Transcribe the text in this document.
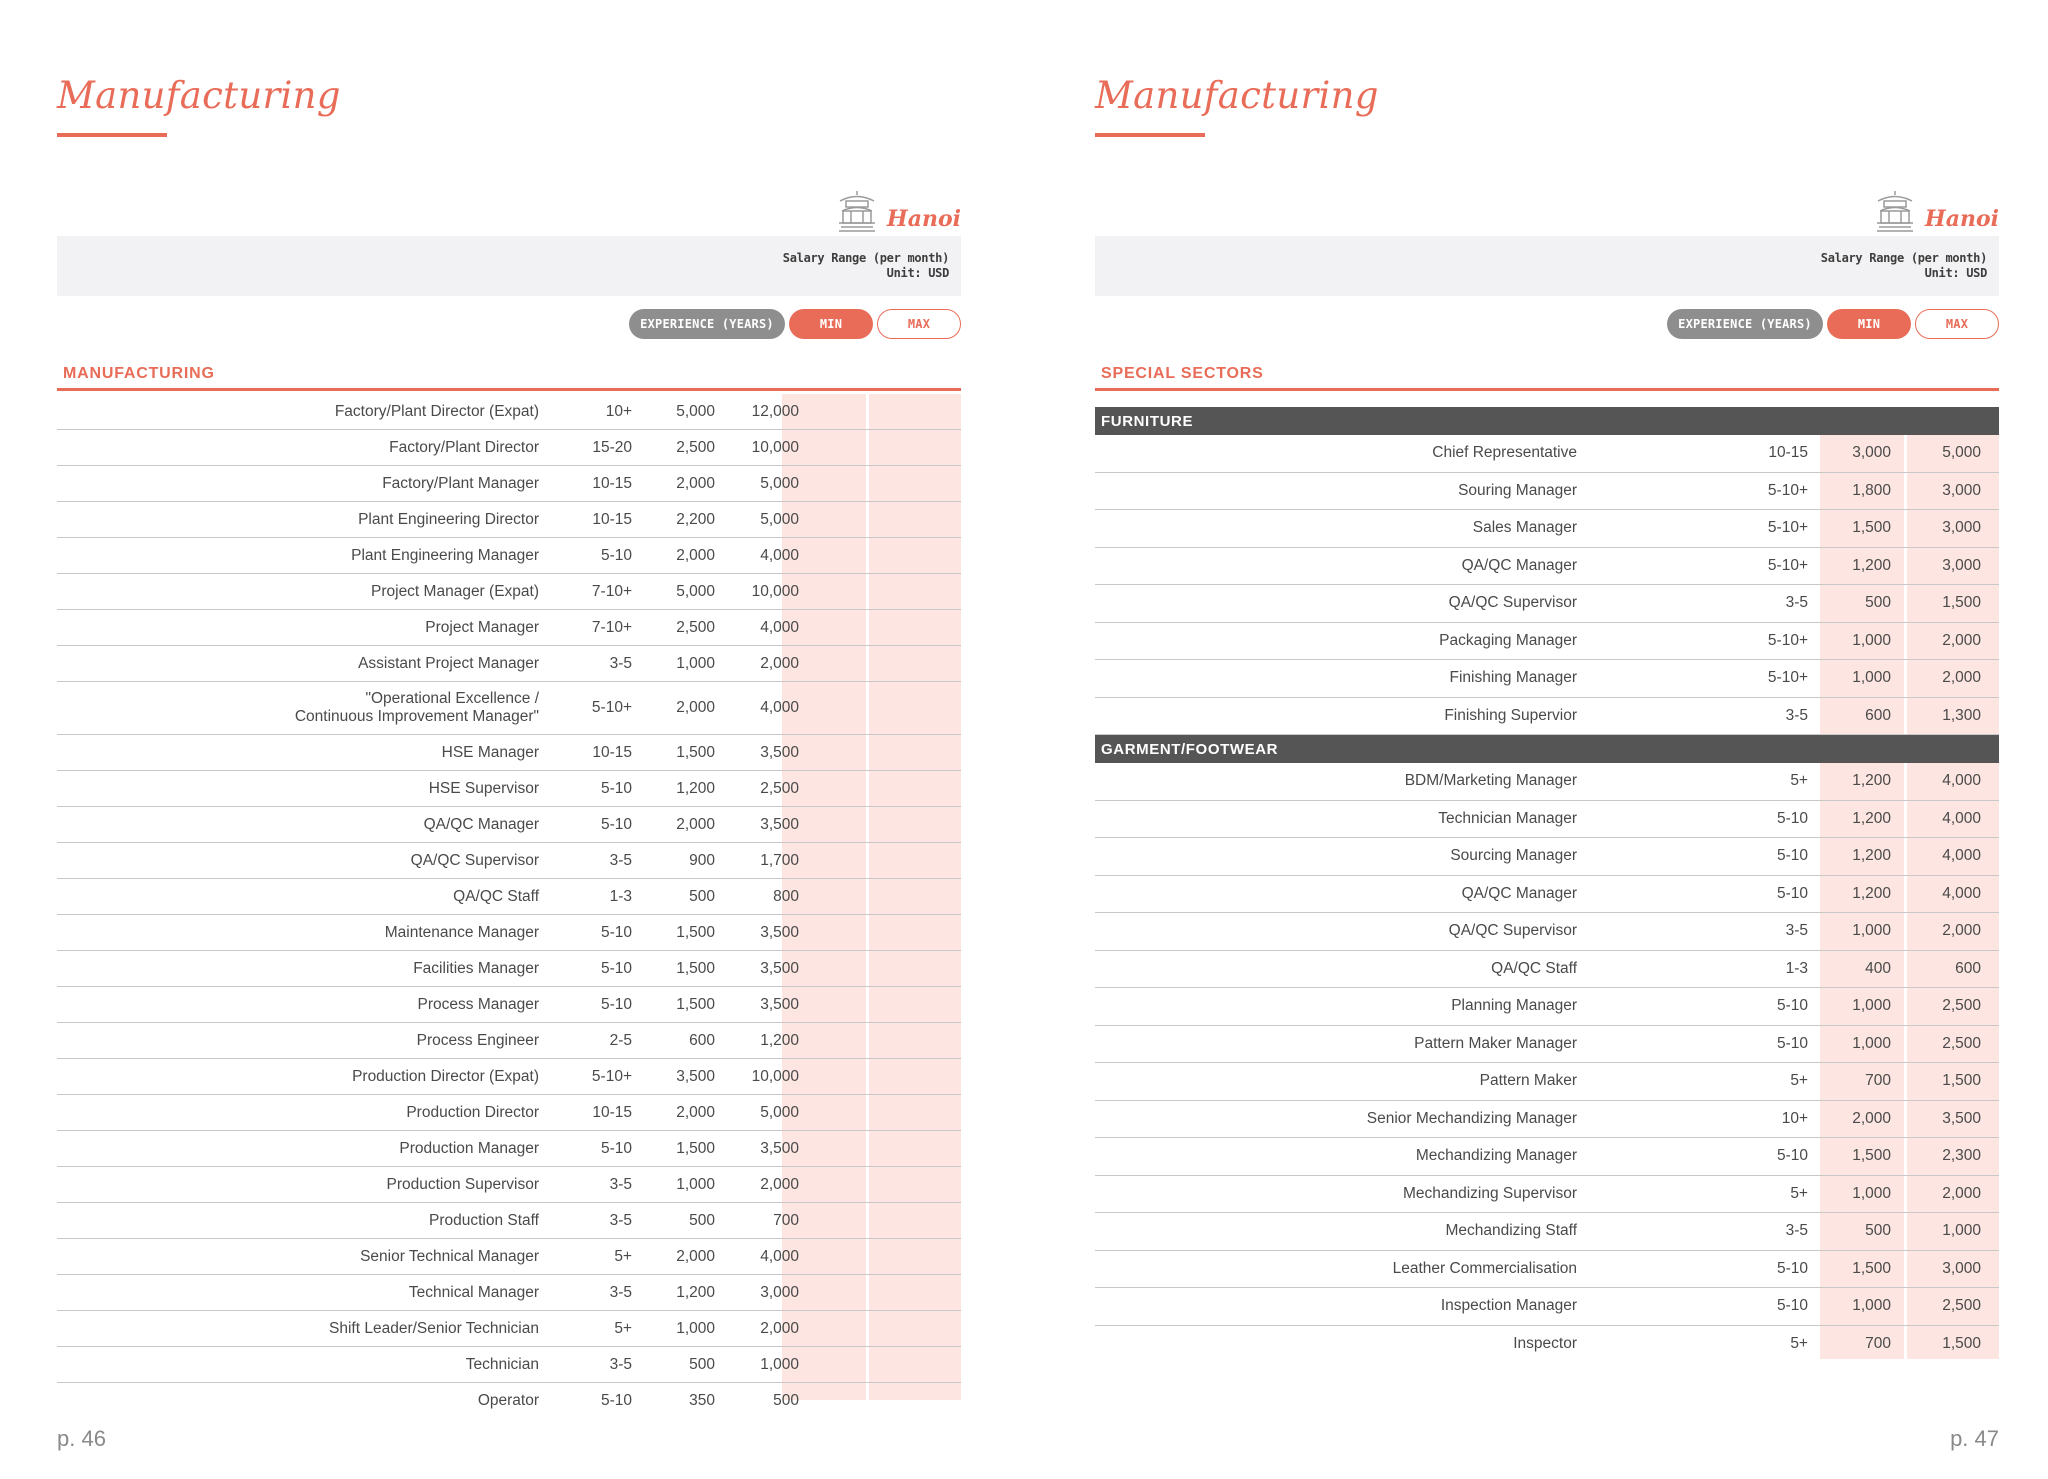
Manufacturing
Hanoi
Salary Range (per month)
Unit: USD
EXPERIENCE (YEARS)	MIN	MAX
MANUFACTURING
Factory/Plant Director (Expat)	10+	5,000	12,000
Factory/Plant Director	15-20	2,500	10,000
Factory/Plant Manager	10-15	2,000	5,000
Plant Engineering Director	10-15	2,200	5,000
Plant Engineering Manager	5-10	2,000	4,000
Project Manager (Expat)	7-10+	5,000	10,000
Project Manager	7-10+	2,500	4,000
Assistant Project Manager	3-5	1,000	2,000
"Operational Excellence /
Continuous Improvement Manager"
5-10+	2,000	4,000
HSE Manager	10-15	1,500	3,500
HSE Supervisor	5-10	1,200	2,500
QA/QC Manager	5-10	2,000	3,500
QA/QC Supervisor	3-5	900	1,700
QA/QC Staff	1-3	500	800
Maintenance Manager	5-10	1,500	3,500
Facilities Manager	5-10	1,500	3,500
Process Manager	5-10	1,500	3,500
Process Engineer	2-5	600	1,200
Production Director (Expat)	5-10+	3,500	10,000
Production Director	10-15	2,000	5,000
Production Manager	5-10	1,500	3,500
Production Supervisor	3-5	1,000	2,000
Production Staff	3-5	500	700
Senior Technical Manager	5+	2,000	4,000
Technical Manager	3-5	1,200	3,000
Shift Leader/Senior Technician	5+	1,000	2,000
Technician	3-5	500	1,000
Operator	5-10	350	500
p. 46
Manufacturing
Hanoi
Salary Range (per month)
Unit: USD
EXPERIENCE (YEARS)	MIN	MAX
SPECIAL SECTORS
FURNITURE
Chief Representative	10-15	3,000	5,000
Souring Manager	5-10+	1,800	3,000
Sales Manager	5-10+	1,500	3,000
QA/QC Manager	5-10+	1,200	3,000
QA/QC Supervisor	3-5	500	1,500
Packaging Manager	5-10+	1,000	2,000
Finishing Manager	5-10+	1,000	2,000
Finishing Supervior	3-5	600	1,300
GARMENT/FOOTWEAR
BDM/Marketing Manager	5+	1,200	4,000
Technician Manager	5-10	1,200	4,000
Sourcing Manager	5-10	1,200	4,000
QA/QC Manager	5-10	1,200	4,000
QA/QC Supervisor	3-5	1,000	2,000
QA/QC Staff	1-3	400	600
Planning Manager	5-10	1,000	2,500
Pattern Maker Manager	5-10	1,000	2,500
Pattern Maker	5+	700	1,500
Senior Mechandizing Manager	10+	2,000	3,500
Mechandizing Manager	5-10	1,500	2,300
Mechandizing Supervisor	5+	1,000	2,000
Mechandizing Staff	3-5	500	1,000
Leather Commercialisation	5-10	1,500	3,000
Inspection Manager	5-10	1,000	2,500
Inspector	5+	700	1,500
p. 47
